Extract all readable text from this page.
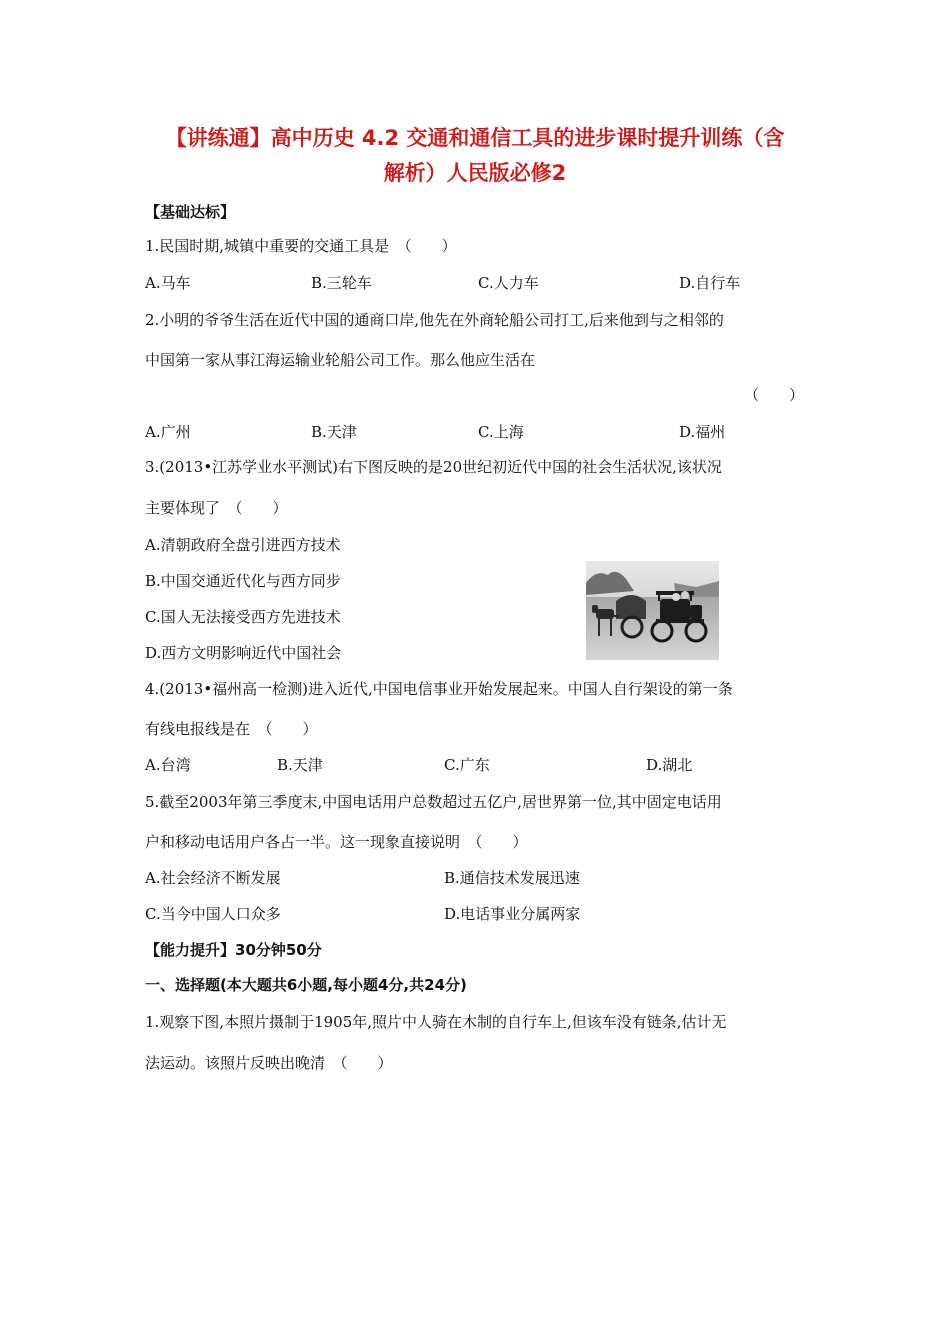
【讲练通】高中历史 4.2 交通和通信工具的进步课时提升训练（含
解析）人民版必修2
【基础达标】
1.民国时期,城镇中重要的交通工具是　（　　）
A.马车	B.三轮车	C.人力车	D.自行车
2.小明的爷爷生活在近代中国的通商口岸,他先在外商轮船公司打工,后来他到与之相邻的
中国第一家从事江海运输业轮船公司工作。那么他应生活在
（　　）
A.广州	B.天津	C.上海	D.福州
3.(2013•江苏学业水平测试)右下图反映的是20世纪初近代中国的社会生活状况,该状况
主要体现了　（　　）
A.清朝政府全盘引进西方技术
B.中国交通近代化与西方同步
C.国人无法接受西方先进技术
D.西方文明影响近代中国社会
4.(2013•福州高一检测)进入近代,中国电信事业开始发展起来。中国人自行架设的第一条
有线电报线是在　（　　）
A.台湾	B.天津	C.广东	D.湖北
5.截至2003年第三季度末,中国电话用户总数超过五亿户,居世界第一位,其中固定电话用
户和移动电话用户各占一半。这一现象直接说明　（　　）
A.社会经济不断发展	B.通信技术发展迅速
C.当今中国人口众多	D.电话事业分属两家
【能力提升】30分钟50分
一、选择题(本大题共6小题,每小题4分,共24分)
1.观察下图,本照片摄制于1905年,照片中人骑在木制的自行车上,但该车没有链条,估计无
法运动。该照片反映出晚清　（　　）
